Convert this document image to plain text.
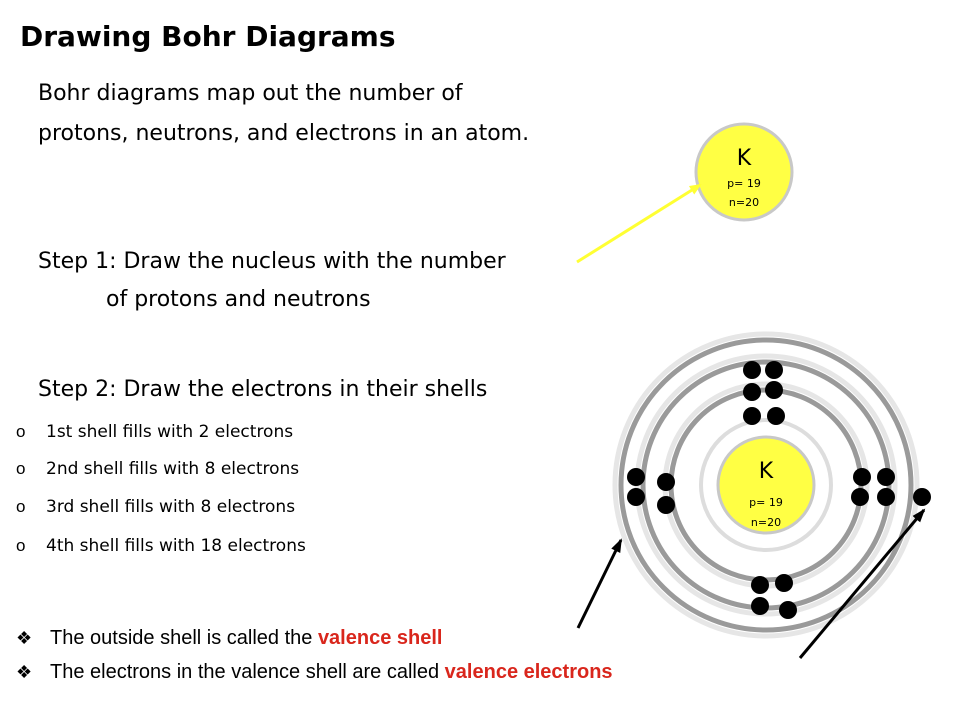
Drawing Bohr Diagrams
Bohr diagrams map out the number of protons, neutrons, and electrons in an atom.
Step 1: Draw the nucleus with the number
of protons and neutrons
Step 2: Draw the electrons in their shells
o 1st shell fills with 2 electrons
o 2nd shell fills with 8 electrons
o 3rd shell fills with 8 electrons
o 4th shell fills with 18 electrons
K
p= 19
n=20
K
p= 19
n=20
❖ The outside shell is called the valence shell
❖ The electrons in the valence shell are called valence electrons
